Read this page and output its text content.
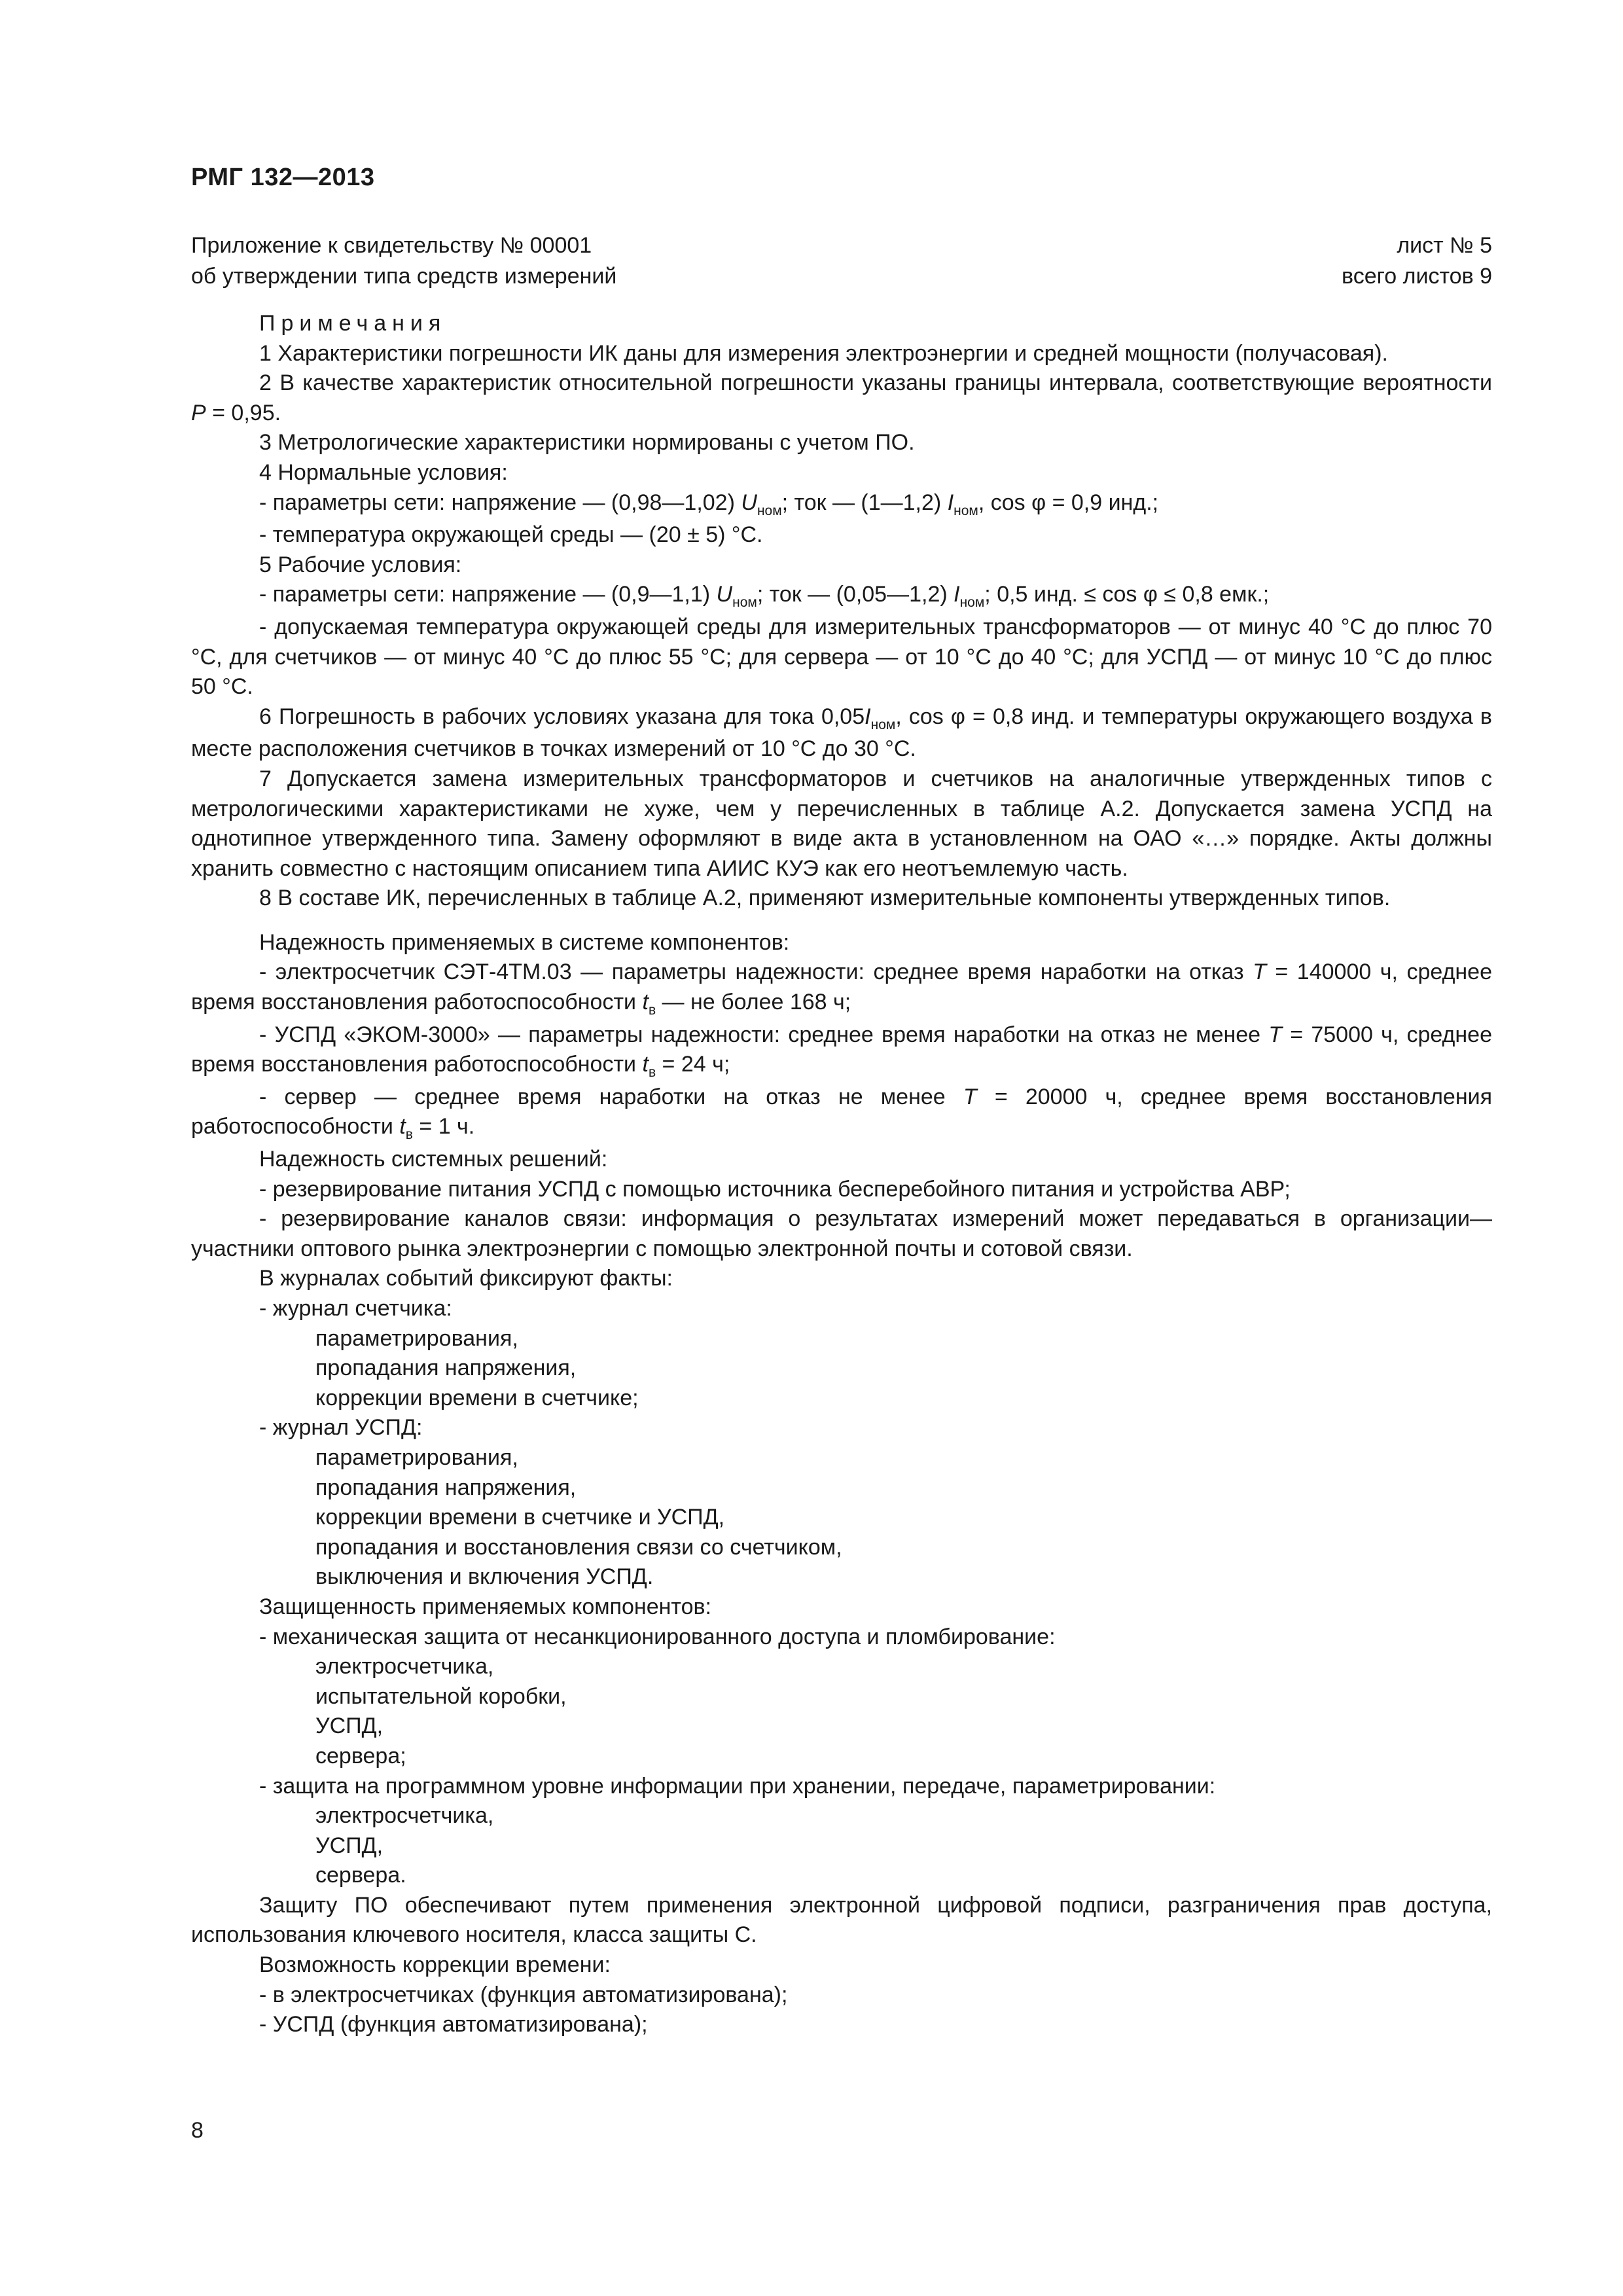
РМГ 132—2013
Приложение к свидетельству № 00001
об утверждении типа средств измерений
лист № 5
всего листов 9

Примечания

1 Характеристики погрешности ИК даны для измерения электроэнергии и средней мощности (получасовая).

2 В качестве характеристик относительной погрешности указаны границы интервала, соответствующие вероятности P = 0,95.

3 Метрологические характеристики нормированы с учетом ПО.

4 Нормальные условия:

- параметры сети: напряжение — (0,98—1,02) $U_{ном}$; ток — (1—1,2) $I_{ном}$, cos φ = 0,9 инд.;

- температура окружающей среды — (20 ± 5) °С.

5 Рабочие условия:

- параметры сети: напряжение — (0,9—1,1) $U_{ном}$; ток — (0,05—1,2) $I_{ном}$; 0,5 инд. ≤ cos φ ≤ 0,8 емк.;

- допускаемая температура окружающей среды для измерительных трансформаторов — от минус 40 °С до плюс 70 °С, для счетчиков — от минус 40 °С до плюс 55 °С; для сервера — от 10 °С до 40 °С; для УСПД — от минус 10 °С до плюс 50 °С.

6 Погрешность в рабочих условиях указана для тока $0,05I_{ном}$, cos φ = 0,8 инд. и температуры окружающего воздуха в месте расположения счетчиков в точках измерений от 10 °С до 30 °С.

7 Допускается замена измерительных трансформаторов и счетчиков на аналогичные утвержденных типов с метрологическими характеристиками не хуже, чем у перечисленных в таблице А.2. Допускается замена УСПД на однотипное утвержденного типа. Замену оформляют в виде акта в установленном на ОАО «…» порядке. Акты должны хранить совместно с настоящим описанием типа АИИС КУЭ как его неотъемлемую часть.

8 В составе ИК, перечисленных в таблице А.2, применяют измерительные компоненты утвержденных типов.

Надежность применяемых в системе компонентов:

- электросчетчик СЭТ-4ТМ.03 — параметры надежности: среднее время наработки на отказ T = 140000 ч, среднее время восстановления работоспособности $t_в$ — не более 168 ч;

- УСПД «ЭКОМ-3000» — параметры надежности: среднее время наработки на отказ не менее T = 75000 ч, среднее время восстановления работоспособности $t_в = 24$ ч;

- сервер — среднее время наработки на отказ не менее T = 20000 ч, среднее время восстановления работоспособности $t_в = 1$ ч.

Надежность системных решений:

- резервирование питания УСПД с помощью источника бесперебойного питания и устройства АВР;

- резервирование каналов связи: информация о результатах измерений может передаваться в организации—участники оптового рынка электроэнергии с помощью электронной почты и сотовой связи.

В журналах событий фиксируют факты:

- журнал счетчика:

параметрирования,

пропадания напряжения,

коррекции времени в счетчике;

- журнал УСПД:

параметрирования,

пропадания напряжения,

коррекции времени в счетчике и УСПД,

пропадания и восстановления связи со счетчиком,

выключения и включения УСПД.

Защищенность применяемых компонентов:

- механическая защита от несанкционированного доступа и пломбирование:

электросчетчика,

испытательной коробки,

УСПД,

сервера;

- защита на программном уровне информации при хранении, передаче, параметрировании:

электросчетчика,

УСПД,

сервера.

Защиту ПО обеспечивают путем применения электронной цифровой подписи, разграничения прав доступа, использования ключевого носителя, класса защиты С.

Возможность коррекции времени:

- в электросчетчиках (функция автоматизирована);

- УСПД (функция автоматизирована);

8
